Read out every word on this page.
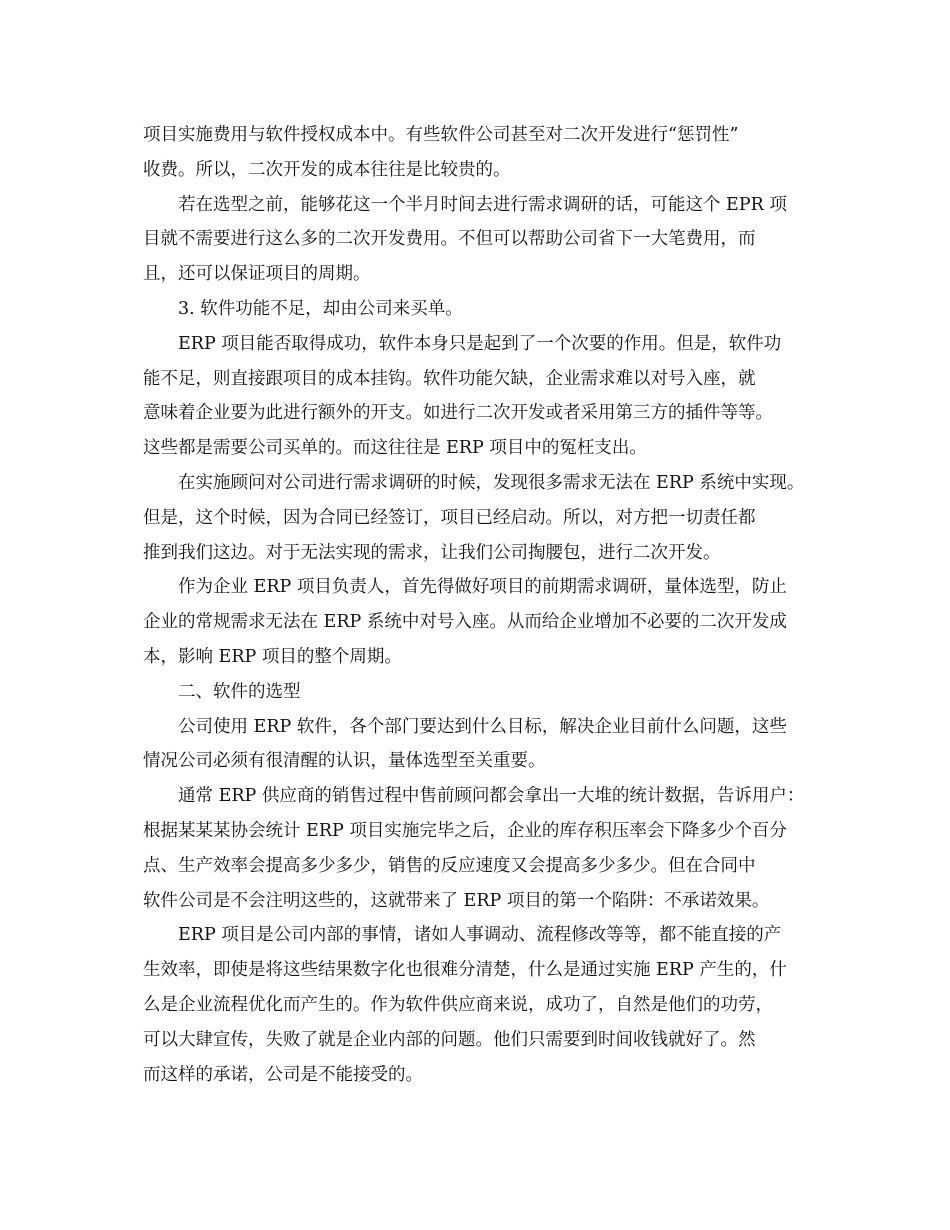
项目实施费用与软件授权成本中。有些软件公司甚至对二次开发进行“惩罚性”
收费。所以，二次开发的成本往往是比较贵的。
若在选型之前，能够花这一个半月时间去进行需求调研的话，可能这个 EPR 项
目就不需要进行这么多的二次开发费用。不但可以帮助公司省下一大笔费用，而
且，还可以保证项目的周期。
3. 软件功能不足，却由公司来买单。
ERP 项目能否取得成功，软件本身只是起到了一个次要的作用。但是，软件功
能不足，则直接跟项目的成本挂钩。软件功能欠缺，企业需求难以对号入座，就
意味着企业要为此进行额外的开支。如进行二次开发或者采用第三方的插件等等。
这些都是需要公司买单的。而这往往是 ERP 项目中的冤枉支出。
在实施顾问对公司进行需求调研的时候，发现很多需求无法在 ERP 系统中实现。
但是，这个时候，因为合同已经签订，项目已经启动。所以，对方把一切责任都
推到我们这边。对于无法实现的需求，让我们公司掏腰包，进行二次开发。
作为企业 ERP 项目负责人，首先得做好项目的前期需求调研，量体选型，防止
企业的常规需求无法在 ERP 系统中对号入座。从而给企业增加不必要的二次开发成
本，影响 ERP 项目的整个周期。
二、软件的选型
公司使用 ERP 软件，各个部门要达到什么目标，解决企业目前什么问题，这些
情况公司必须有很清醒的认识，量体选型至关重要。
通常 ERP 供应商的销售过程中售前顾问都会拿出一大堆的统计数据，告诉用户：
根据某某某协会统计 ERP 项目实施完毕之后，企业的库存积压率会下降多少个百分
点、生产效率会提高多少多少，销售的反应速度又会提高多少多少。但在合同中
软件公司是不会注明这些的，这就带来了 ERP 项目的第一个陷阱：不承诺效果。
ERP 项目是公司内部的事情，诸如人事调动、流程修改等等，都不能直接的产
生效率，即使是将这些结果数字化也很难分清楚，什么是通过实施 ERP 产生的，什
么是企业流程优化而产生的。作为软件供应商来说，成功了，自然是他们的功劳，
可以大肆宣传，失败了就是企业内部的问题。他们只需要到时间收钱就好了。然
而这样的承诺，公司是不能接受的。
